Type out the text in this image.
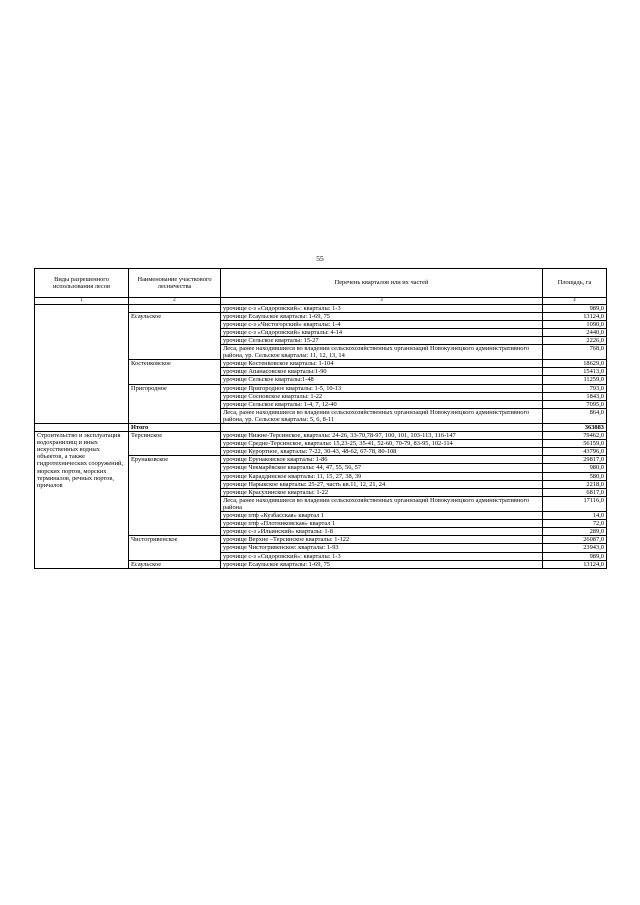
55
Виды разрешенного использования лесов	Наименование участкового лесничества	Перечень кварталов или их частей	Площадь, га
1	2	3	4
		урочище с-з «Сидоровский»: кварталы: 1-3	989,0
	Есаульское	урочище Есаульское кварталы: 1-69, 75	13124,0
		урочище с-з «Чистогорский» кварталы: 1-4	1090,0
		урочище с-з «Сидоровский» кварталы: 4-14	2440,0
		урочище Сельское кварталы: 15-27	2226,0
		Леса, ранее находившиеся во владении сельскохозяйственных организаций Новокузнецкого административного района, ур. Сельское кварталы: 11, 12, 13, 14	768,0
	Костенковское	урочище Костенковское кварталы: 1-104	18629,0
		урочище Апанасовское кварталы:1-90	15413,0
		урочище Сельское кварталы:1-48	11259,0
	Пригородное	урочище Пригородное кварталы: 1-5, 10-13	793,0
		урочище Сосновское кварталы: 1-22	1843,0
		урочище Сельское кварталы: 1-4, 7, 12-40	7095,0
		Леса, ранее находившиеся во владении сельскохозяйственных организаций Новокузнецкого административного района, ур. Сельское кварталы: 5, 6, 8-11	864,0
	Итого		363883
Строительство и эксплуатация водохранилищ и иных искусственных водных объектов, а также гидротехнических сооружений, морских портов, морских терминалов, речных портов, причалов	Терсинское	урочище Нижне-Терсинское, кварталы: 24-26, 33-70,78-97, 100, 101, 103-113, 116-147	79462,0
		урочище Средне-Терсинское, кварталы: 15,23-25, 35-41, 52-60, 70-79, 83-95, 102-114	56159,0
		урочище Курортное, кварталы: 7-22, 30-43, 48-62, 67-78, 80-108	43796,0
	Ерунаковское	урочище Ерунаковское кварталы: 1-86	29817,0
		урочище Чекмарёвское кварталы: 44, 47, 55, 56, 57	980,0
		урочище Караддинское кварталы: 11, 15, 27, 38, 39	580,0
		урочище Нарыкское кварталы: 25-27, часть кв.11, 12, 21, 24	2218,0
		урочище Красулинское кварталы: 1-22	6817,0
		Леса, ранее находившиеся во владении сельскохозяйственных организаций Новокузнецкого административного района	17116,0
		урочище птф «Кузбасская» квартал 1	14,0
		урочище птф «Плотниковская» квартал 1	72,0
		урочище с-з «Ильинский» кварталы: 1-8	289,0
	Чистогривенское	урочище Верхне –Терсинское кварталы: 1-122	26087,0
		урочище Чистогривенское: кварталы: 1-93	23943,0
		урочище с-з «Сидоровский»: кварталы: 1-3	989,0
	Есаульское	урочище Есаульское кварталы: 1-69, 75	13124,0
